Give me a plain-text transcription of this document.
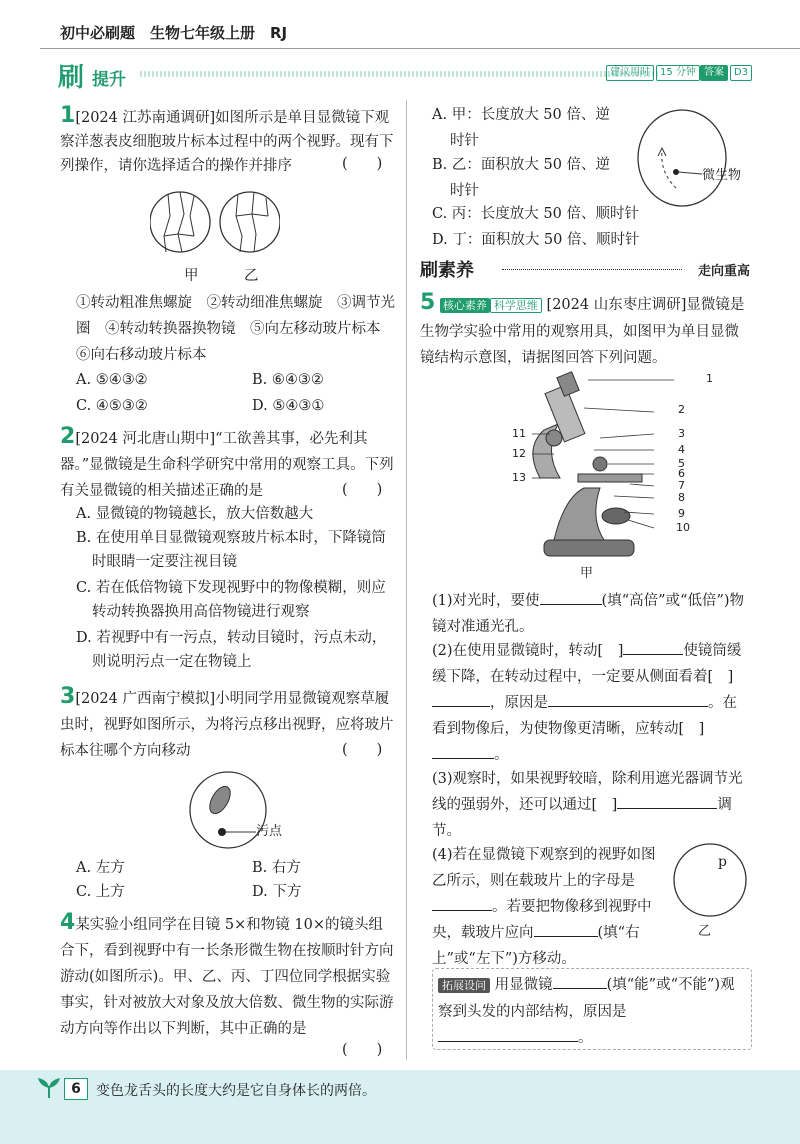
初中必刷题　生物七年级上册　RJ
刷 提升	建议用时	15 分钟 答案	D3
1[2024 江苏南通调研]如图所示是单目显微镜下观察洋葱表皮细胞玻片标本过程中的两个视野。现有下列操作，请你选择适合的操作并排序	(　　)
甲	乙
①转动粗准焦螺旋　②转动细准焦螺旋　③调节光圈　④转动转换器换物镜　⑤向左移动玻片标本　⑥向右移动玻片标本
A. ⑤④③②	B. ⑥④③②
C. ④⑤③②	D. ⑤④③①
2[2024 河北唐山期中]“工欲善其事，必先利其器。”显微镜是生命科学研究中常用的观察工具。下列有关显微镜的相关描述正确的是	(　　)
A. 显微镜的物镜越长，放大倍数越大
B. 在使用单目显微镜观察玻片标本时，下降镜筒时眼睛一定要注视目镜
C. 若在低倍物镜下发现视野中的物像模糊，则应转动转换器换用高倍物镜进行观察
D. 若视野中有一污点，转动目镜时，污点未动，则说明污点一定在物镜上
3[2024 广西南宁模拟]小明同学用显微镜观察草履虫时，视野如图所示，为将污点移出视野，应将玻片标本往哪个方向移动	(　　)
污点
A. 左方	B. 右方
C. 上方	D. 下方
4某实验小组同学在目镜 5×和物镜 10×的镜头组合下，看到视野中有一长条形微生物在按顺时针方向游动(如图所示)。甲、乙、丙、丁四位同学根据实验事实，针对被放大对象及放大倍数、微生物的实际游动方向等作出以下判断，其中正确的是
(　　)
A. 甲：长度放大 50 倍、逆时针
B. 乙：面积放大 50 倍、逆时针
C. 丙：长度放大 50 倍、顺时针
D. 丁：面积放大 50 倍、顺时针
微生物
刷素养	走向重高
5 核心素养 科学思维 [2024 山东枣庄调研]显微镜是生物学实验中常用的观察用具，如图甲为单目显微镜结构示意图，请据图回答下列问题。
1
2
3
4
5
6
7
8
9
10
11
12
13
甲
(1)对光时，要使	(填“高倍”或“低倍”)物镜对准通光孔。
(2)在使用显微镜时，转动[　]	使镜筒缓缓下降，在转动过程中，一定要从侧面看着[　]，原因是	。在看到物像后，为使物像更清晰，应转动[　]。
(3)观察时，如果视野较暗，除利用遮光器调节光线的强弱外，还可以通过[　]	调节。
(4)若在显微镜下观察到的视野如图乙所示，则在载玻片上的字母是。若要把物像移到视野中央，载玻片应向	(填“右上”或“左下”)方移动。
p
乙
拓展设问 用显微镜	(填“能”或“不能”)观察到头发的内部结构，原因是。
6	变色龙舌头的长度大约是它自身体长的两倍。
